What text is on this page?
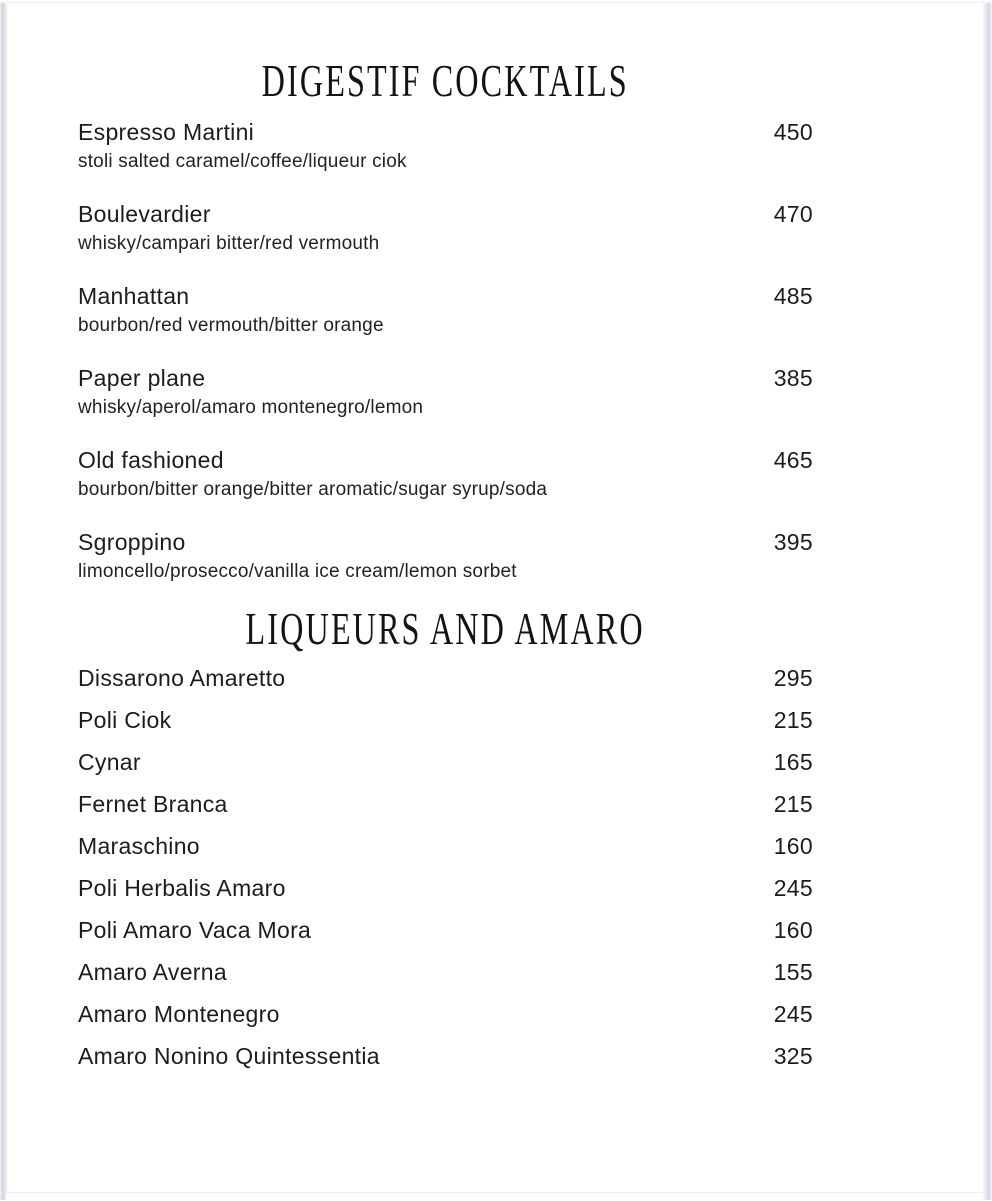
DIGESTIF COCKTAILS
Espresso Martini	450
stoli salted caramel/coffee/liqueur ciok
Boulevardier	470
whisky/campari bitter/red vermouth
Manhattan	485
bourbon/red vermouth/bitter orange
Paper plane	385
whisky/aperol/amaro montenegro/lemon
Old fashioned	465
bourbon/bitter orange/bitter aromatic/sugar syrup/soda
Sgroppino	395
limoncello/prosecco/vanilla ice cream/lemon sorbet
LIQUEURS AND AMARO
Dissarono Amaretto	295
Poli Ciok	215
Cynar	165
Fernet Branca	215
Maraschino	160
Poli Herbalis Amaro	245
Poli Amaro Vaca Mora	160
Amaro Averna	155
Amaro Montenegro	245
Amaro Nonino Quintessentia	325
